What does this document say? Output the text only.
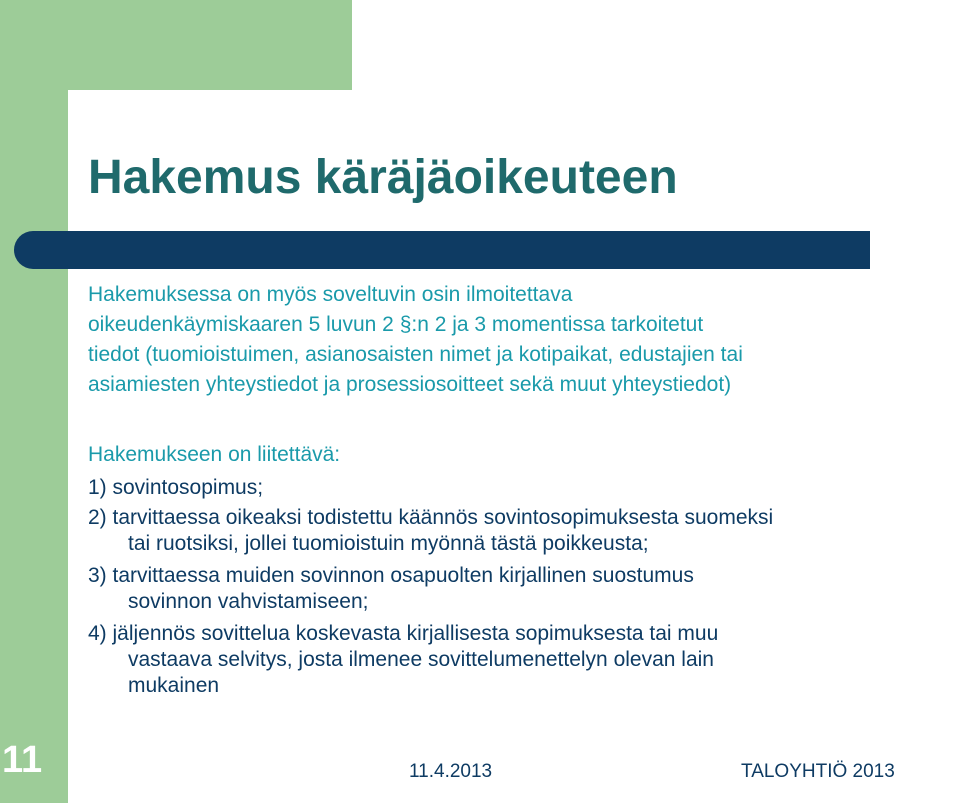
Hakemus käräjäoikeuteen
Hakemuksessa on myös soveltuvin osin ilmoitettava
oikeudenkäymiskaaren 5 luvun 2 §:n 2 ja 3 momentissa tarkoitetut
tiedot (tuomioistuimen, asianosaisten nimet ja kotipaikat, edustajien tai
asiamiesten yhteystiedot ja prosessiosoitteet sekä muut yhteystiedot)
Hakemukseen on liitettävä:
1) sovintosopimus;
2) tarvittaessa oikeaksi todistettu käännös sovintosopimuksesta suomeksi
tai ruotsiksi, jollei tuomioistuin myönnä tästä poikkeusta;
3) tarvittaessa muiden sovinnon osapuolten kirjallinen suostumus
sovinnon vahvistamiseen;
4) jäljennös sovittelua koskevasta kirjallisesta sopimuksesta tai muu
vastaava selvitys, josta ilmenee sovittelumenettelyn olevan lain
mukainen
11	11.4.2013	TALOYHTIÖ 2013
